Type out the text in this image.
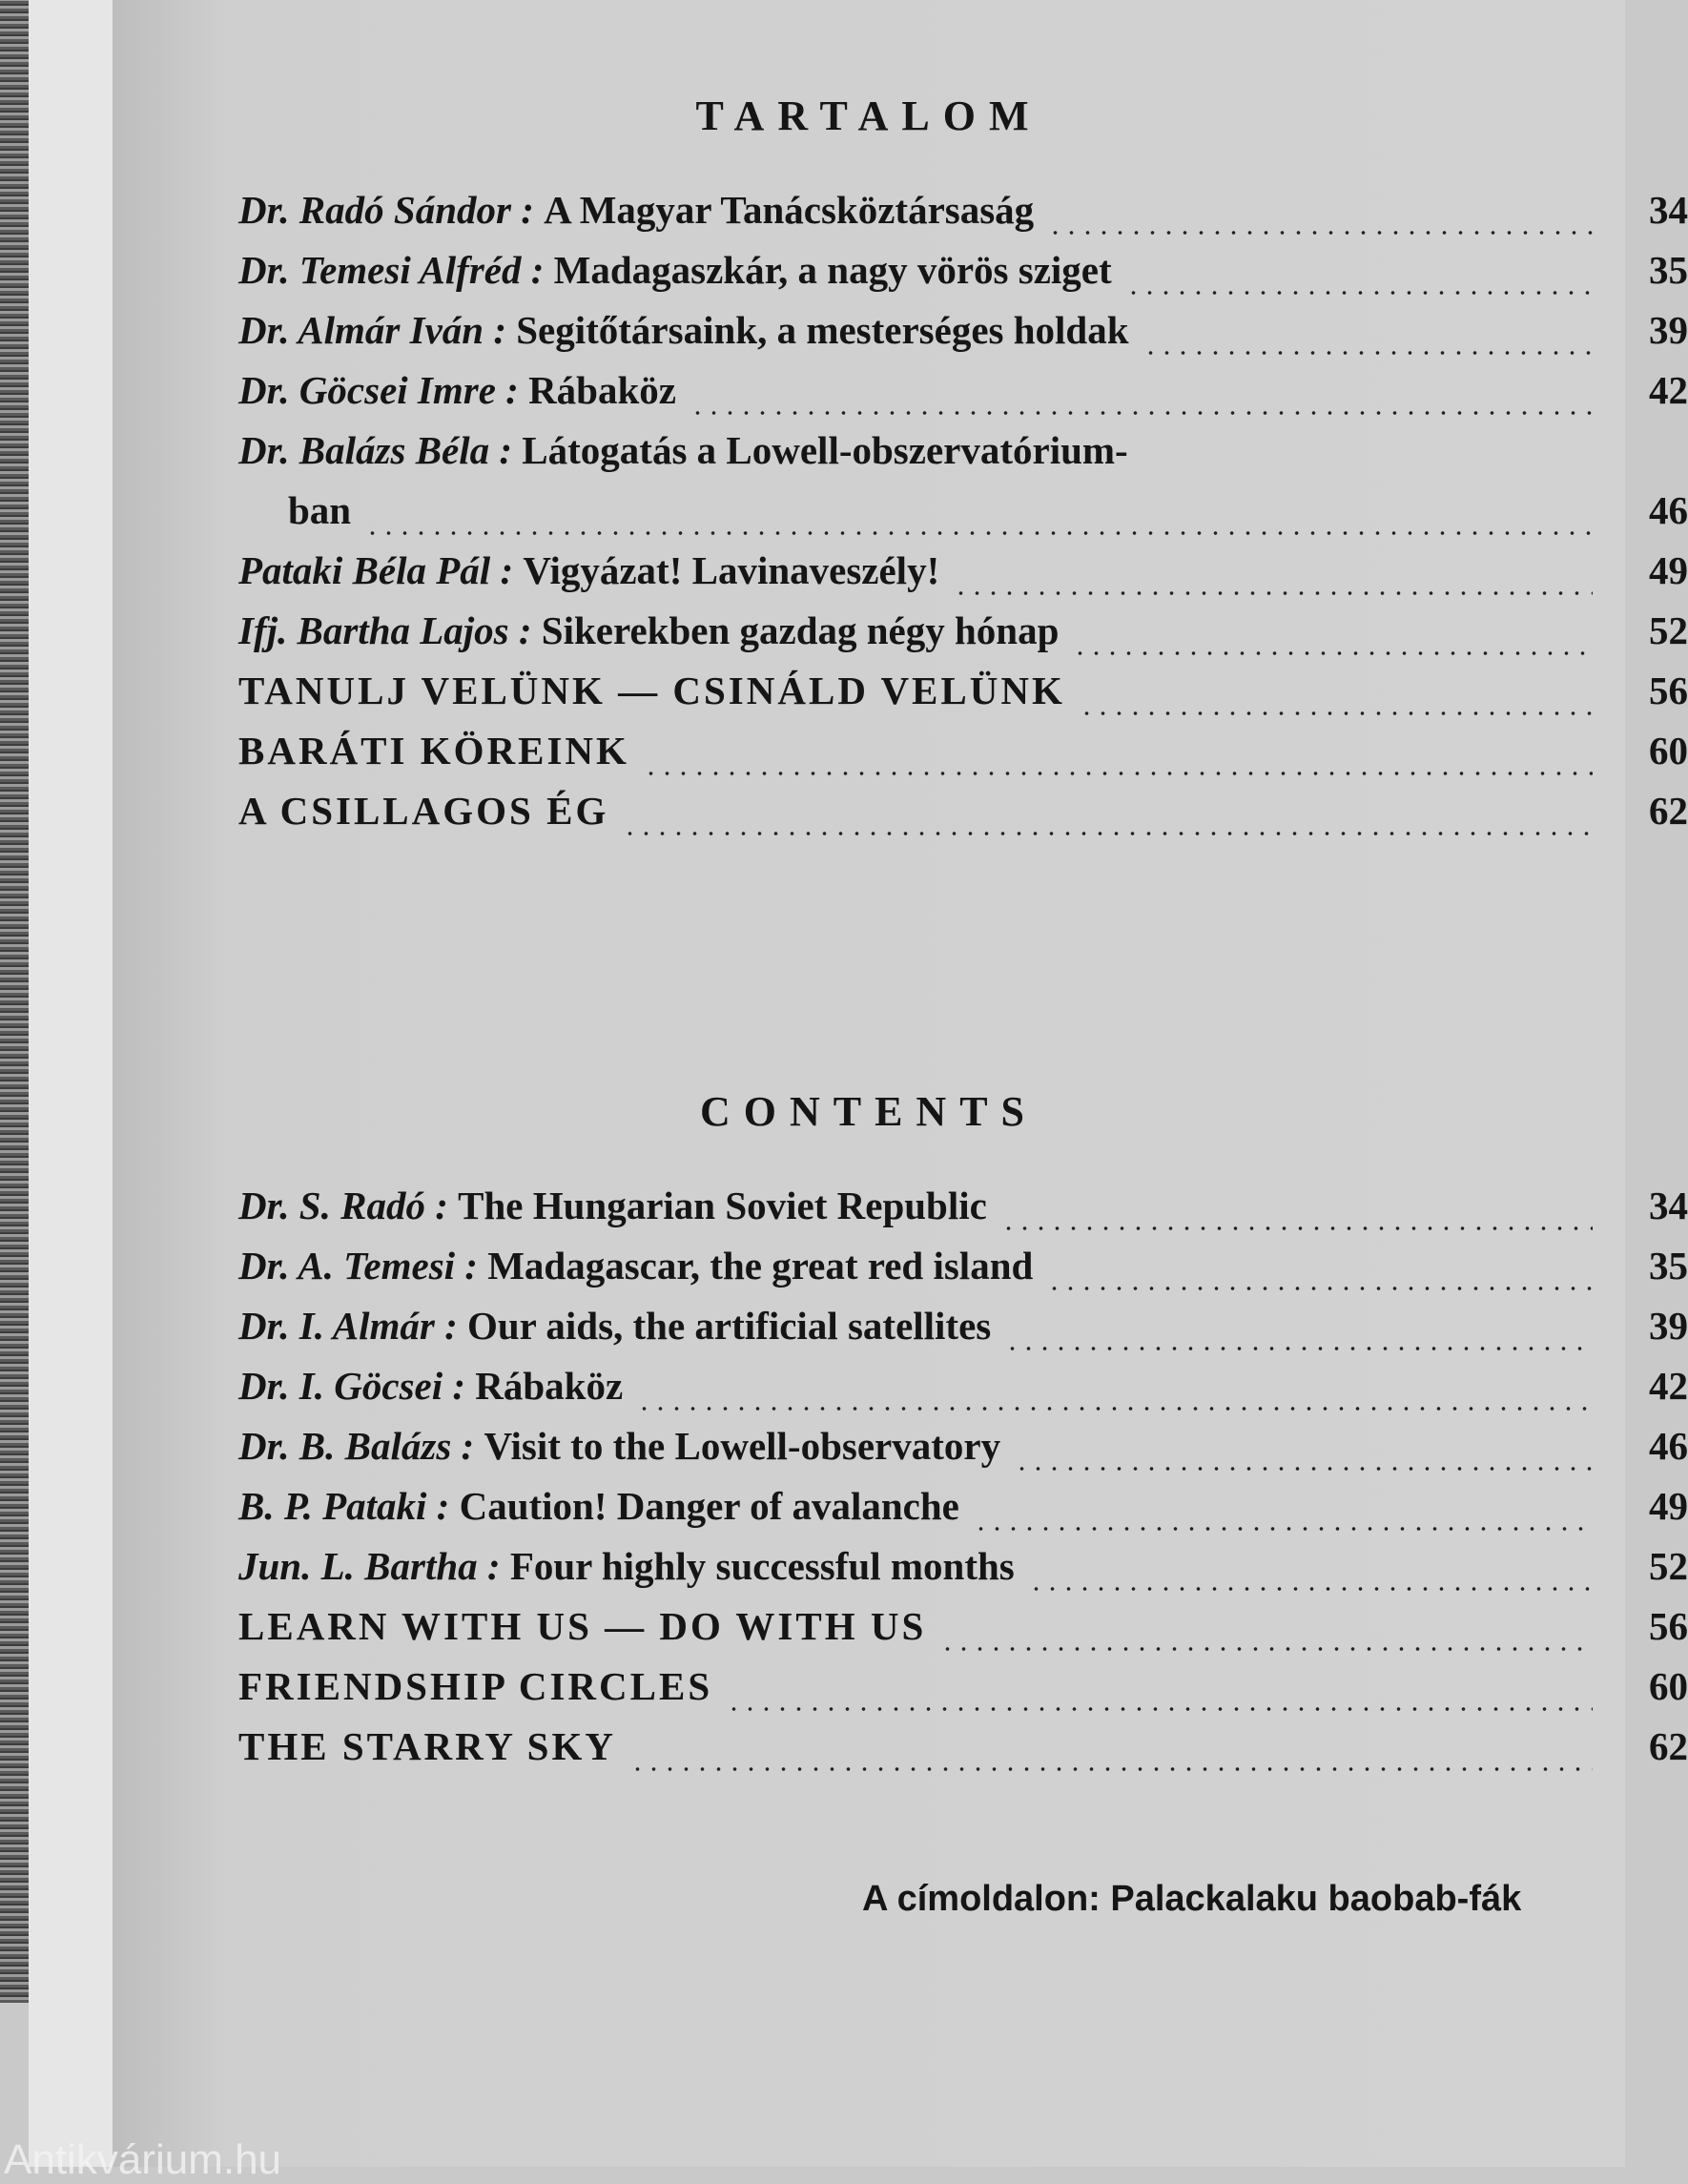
TARTALOM
Dr. Radó Sándor : A Magyar Tanácsköztársaság	34
Dr. Temesi Alfréd : Madagaszkár, a nagy vörös sziget	35
Dr. Almár Iván : Segitőtársaink, a mesterséges holdak	39
Dr. Göcsei Imre : Rábaköz	42
Dr. Balázs Béla : Látogatás a Lowell-obszervatórium-
ban	46
Pataki Béla Pál : Vigyázat! Lavinaveszély!	49
Ifj. Bartha Lajos : Sikerekben gazdag négy hónap	52
TANULJ VELÜNK — CSINÁLD VELÜNK	56
BARÁTI KÖREINK	60
A CSILLAGOS ÉG	62
CONTENTS
Dr. S. Radó : The Hungarian Soviet Republic	34
Dr. A. Temesi : Madagascar, the great red island	35
Dr. I. Almár : Our aids, the artificial satellites	39
Dr. I. Göcsei : Rábaköz	42
Dr. B. Balázs : Visit to the Lowell-observatory	46
B. P. Pataki : Caution! Danger of avalanche	49
Jun. L. Bartha : Four highly successful months	52
LEARN WITH US — DO WITH US	56
FRIENDSHIP CIRCLES	60
THE STARRY SKY	62
A címoldalon: Palackalaku baobab-fák
Antikvárium.hu
